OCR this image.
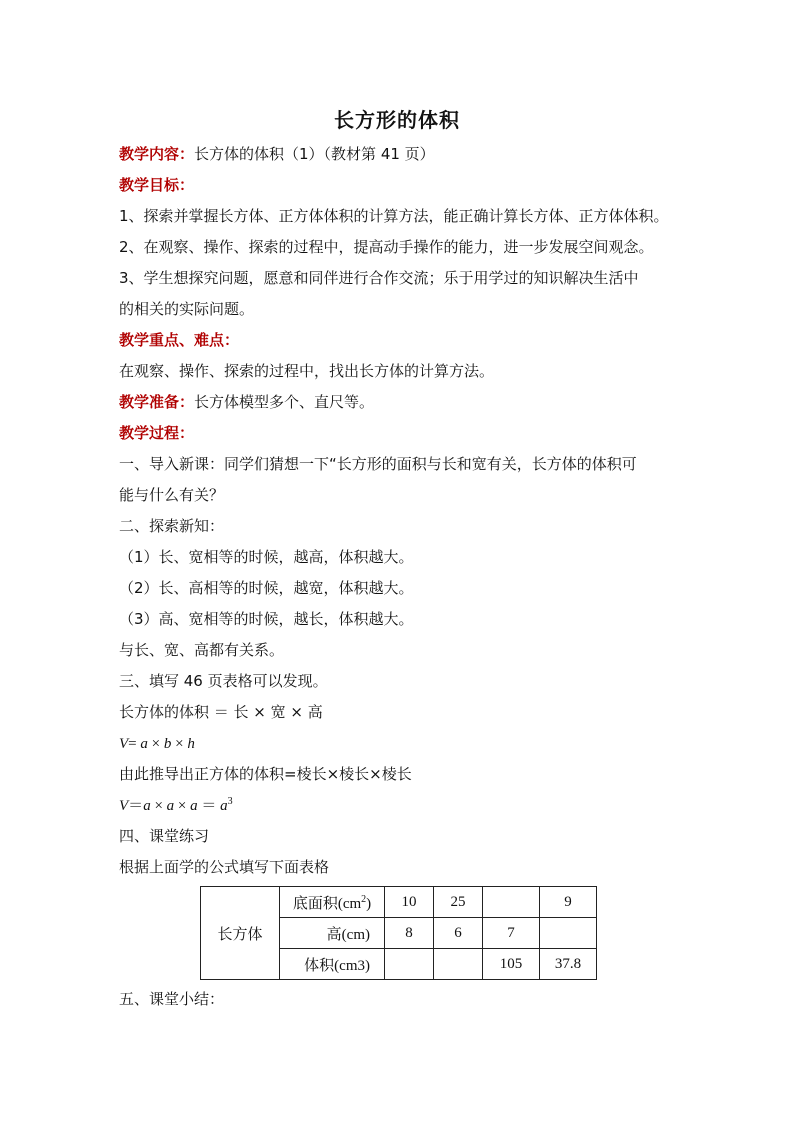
长方形的体积
教学内容：长方体的体积（1）（教材第 41 页）
教学目标：
1、探索并掌握长方体、正方体体积的计算方法，能正确计算长方体、正方体体积。
2、在观察、操作、探索的过程中，提高动手操作的能力，进一步发展空间观念。
3、学生想探究问题，愿意和同伴进行合作交流；乐于用学过的知识解决生活中
的相关的实际问题。
教学重点、难点：
在观察、操作、探索的过程中，找出长方体的计算方法。
教学准备：长方体模型多个、直尺等。
教学过程：
一、导入新课：同学们猜想一下“长方形的面积与长和宽有关，长方体的体积可
能与什么有关？
二、探索新知：
（1）长、宽相等的时候，越高，体积越大。
（2）长、高相等的时候，越宽，体积越大。
（3）高、宽相等的时候，越长，体积越大。
与长、宽、高都有关系。
三、填写 46 页表格可以发现。
长方体的体积 ＝ 长 × 宽 × 高
V= a × b × h
由此推导出正方体的体积=棱长×棱长×棱长
$V=a \times a \times a = a^3$
四、课堂练习
根据上面学的公式填写下面表格
长方体	底面积$(cm^2)$	10	25		9
	高(cm)	8	6	7	
	体积(cm3)			105	37.8
五、课堂小结：
